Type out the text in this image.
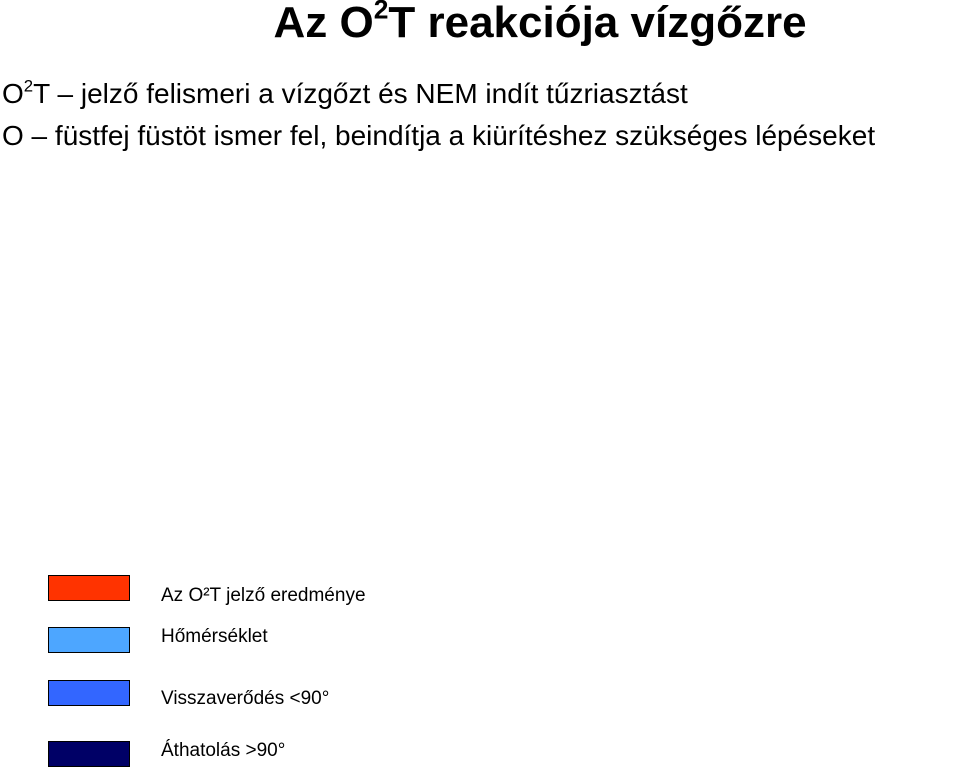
Az $O^2T$ reakciója vízgőzre
$O^2T$ – jelző felismeri a vízgőzt és NEM indít tűzriasztást
O – füstfej füstöt ismer fel, beindítja a kiürítéshez szükséges lépéseket
Az O²T jelző eredménye
Hőmérséklet
Visszaverődés <90°
Áthatolás >90°
